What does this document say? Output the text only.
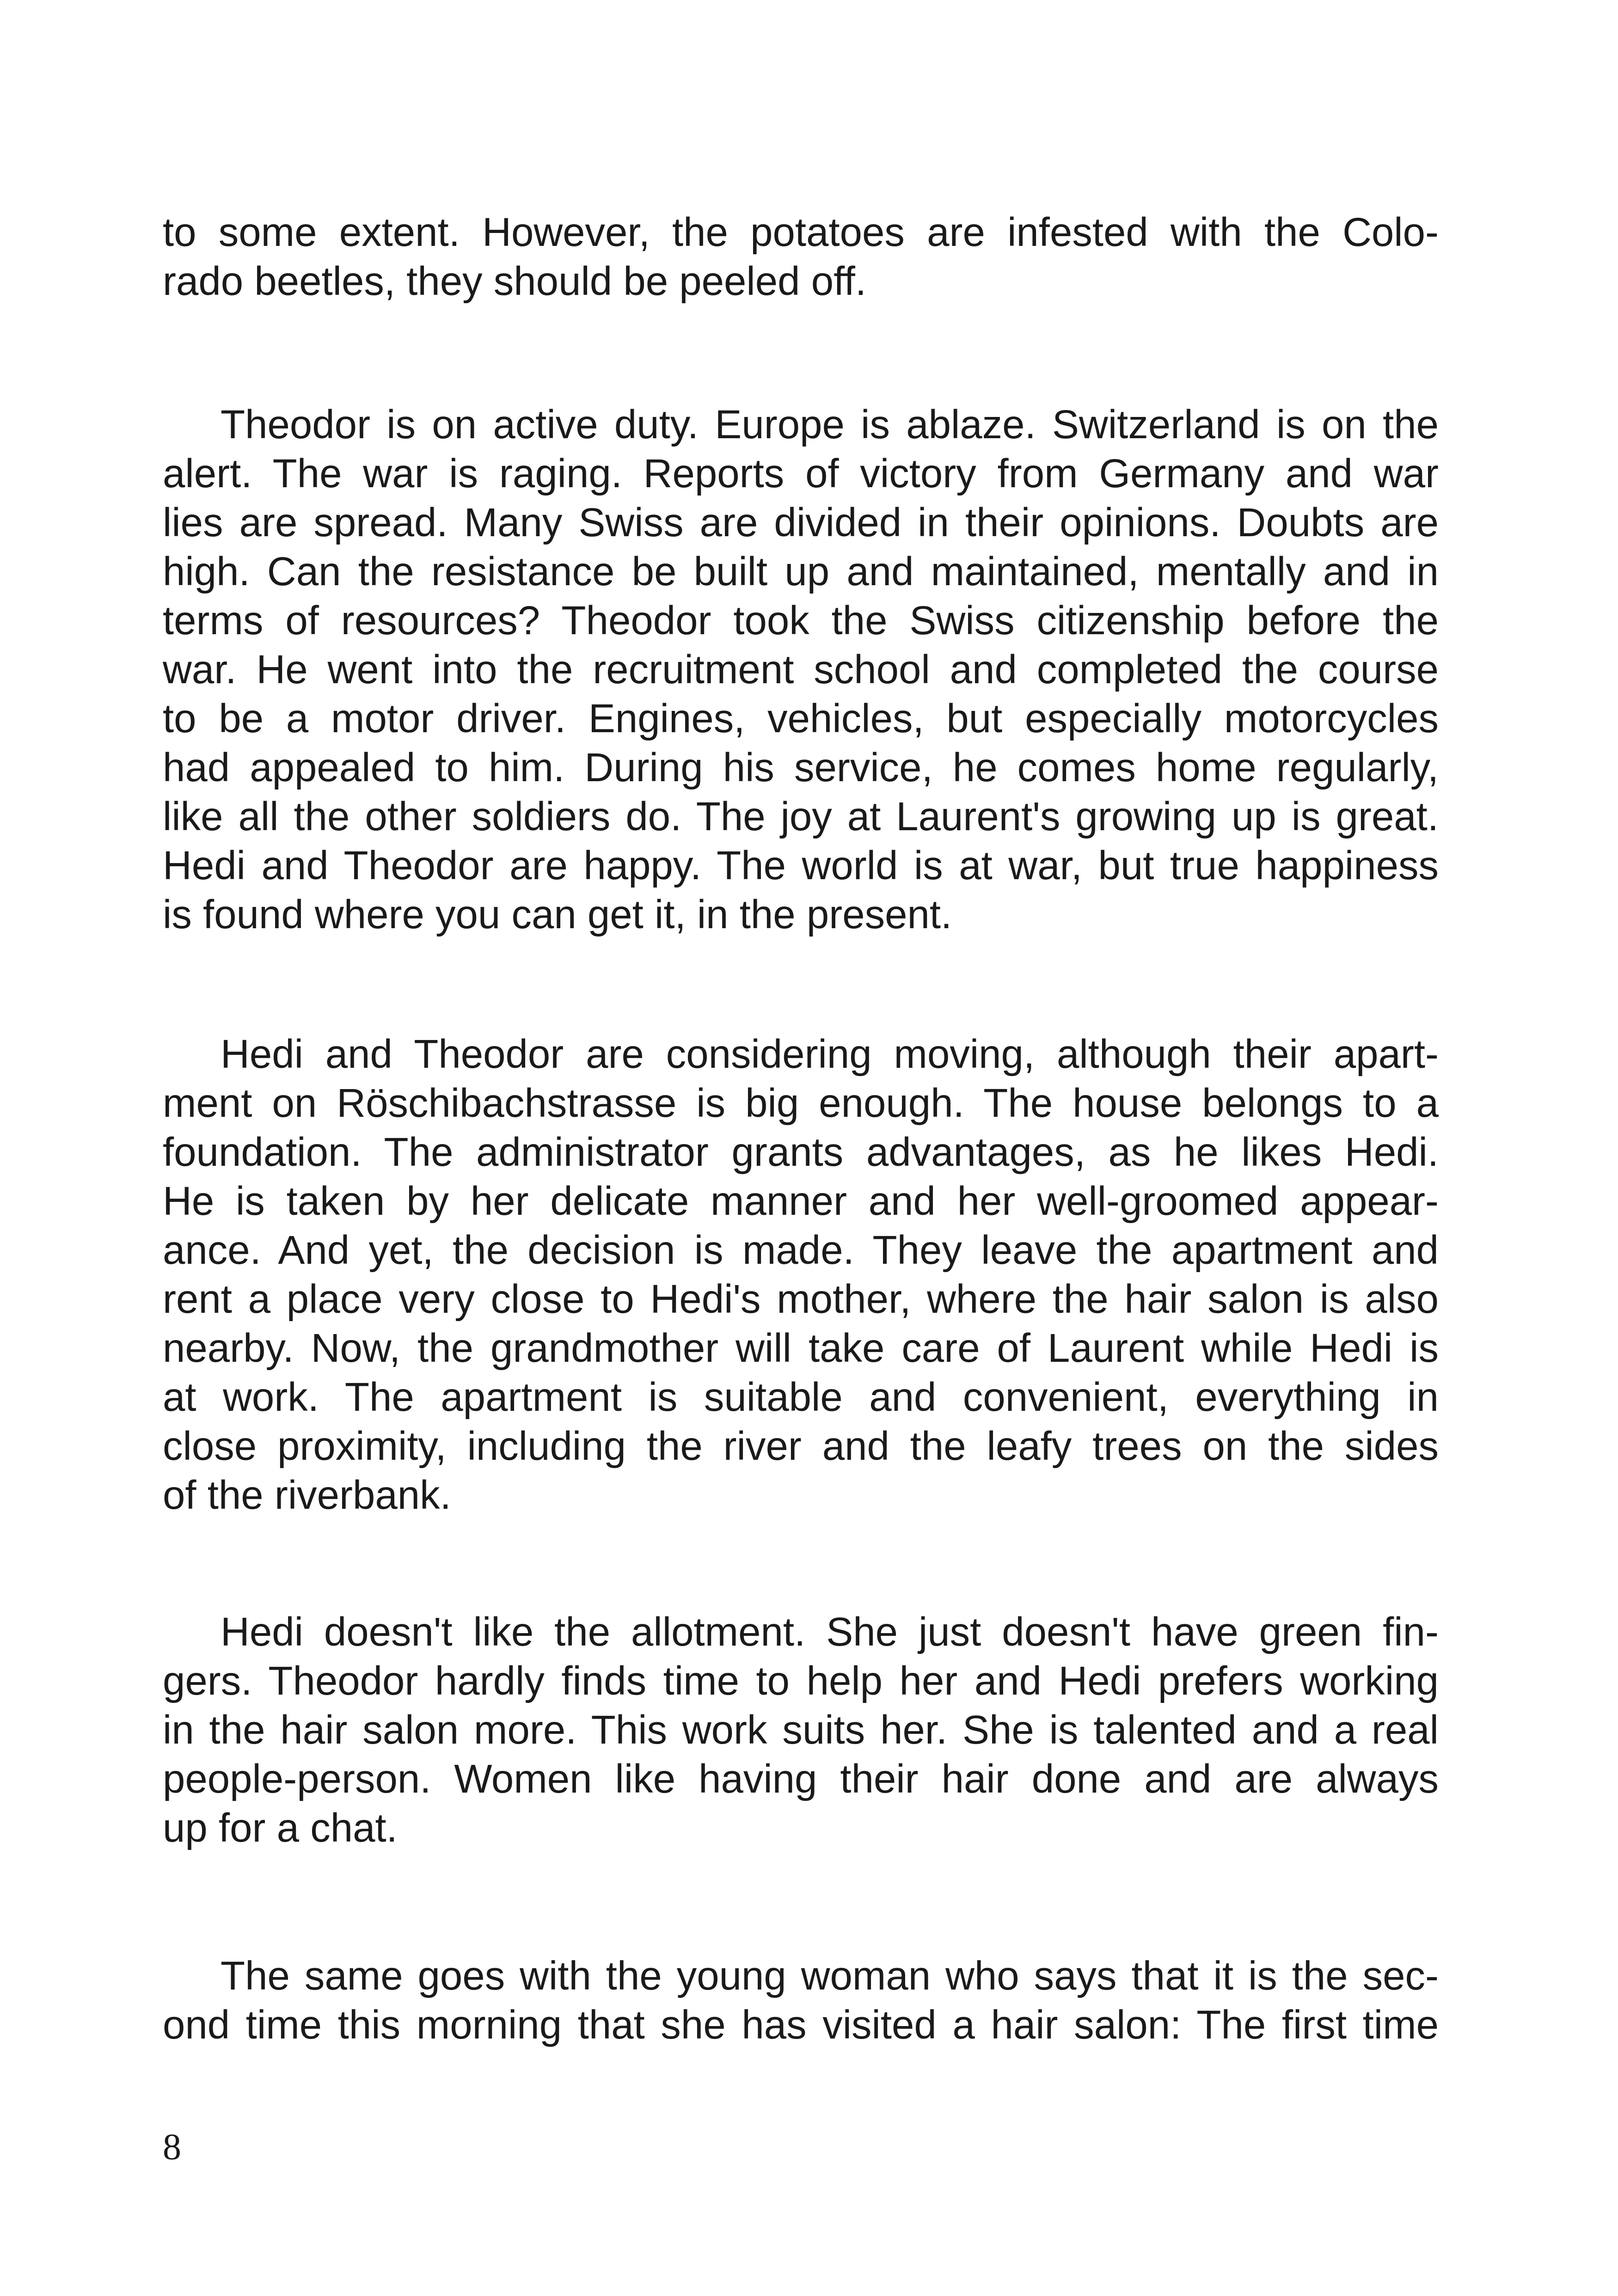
to some extent. However, the potatoes are infested with the Colo-
rado beetles, they should be peeled off.
Theodor is on active duty. Europe is ablaze. Switzerland is on the
alert. The war is raging. Reports of victory from Germany and war
lies are spread. Many Swiss are divided in their opinions. Doubts are
high. Can the resistance be built up and maintained, mentally and in
terms of resources? Theodor took the Swiss citizenship before the
war. He went into the recruitment school and completed the course
to be a motor driver. Engines, vehicles, but especially motorcycles
had appealed to him. During his service, he comes home regularly,
like all the other soldiers do. The joy at Laurent's growing up is great.
Hedi and Theodor are happy. The world is at war, but true happiness
is found where you can get it, in the present.
Hedi and Theodor are considering moving, although their apart-
ment on Röschibachstrasse is big enough. The house belongs to a
foundation. The administrator grants advantages, as he likes Hedi.
He is taken by her delicate manner and her well-groomed appear-
ance. And yet, the decision is made. They leave the apartment and
rent a place very close to Hedi's mother, where the hair salon is also
nearby. Now, the grandmother will take care of Laurent while Hedi is
at work. The apartment is suitable and convenient, everything in
close proximity, including the river and the leafy trees on the sides
of the riverbank.
Hedi doesn't like the allotment. She just doesn't have green fin-
gers. Theodor hardly finds time to help her and Hedi prefers working
in the hair salon more. This work suits her. She is talented and a real
people-person. Women like having their hair done and are always
up for a chat.
The same goes with the young woman who says that it is the sec-
ond time this morning that she has visited a hair salon: The first time
8
